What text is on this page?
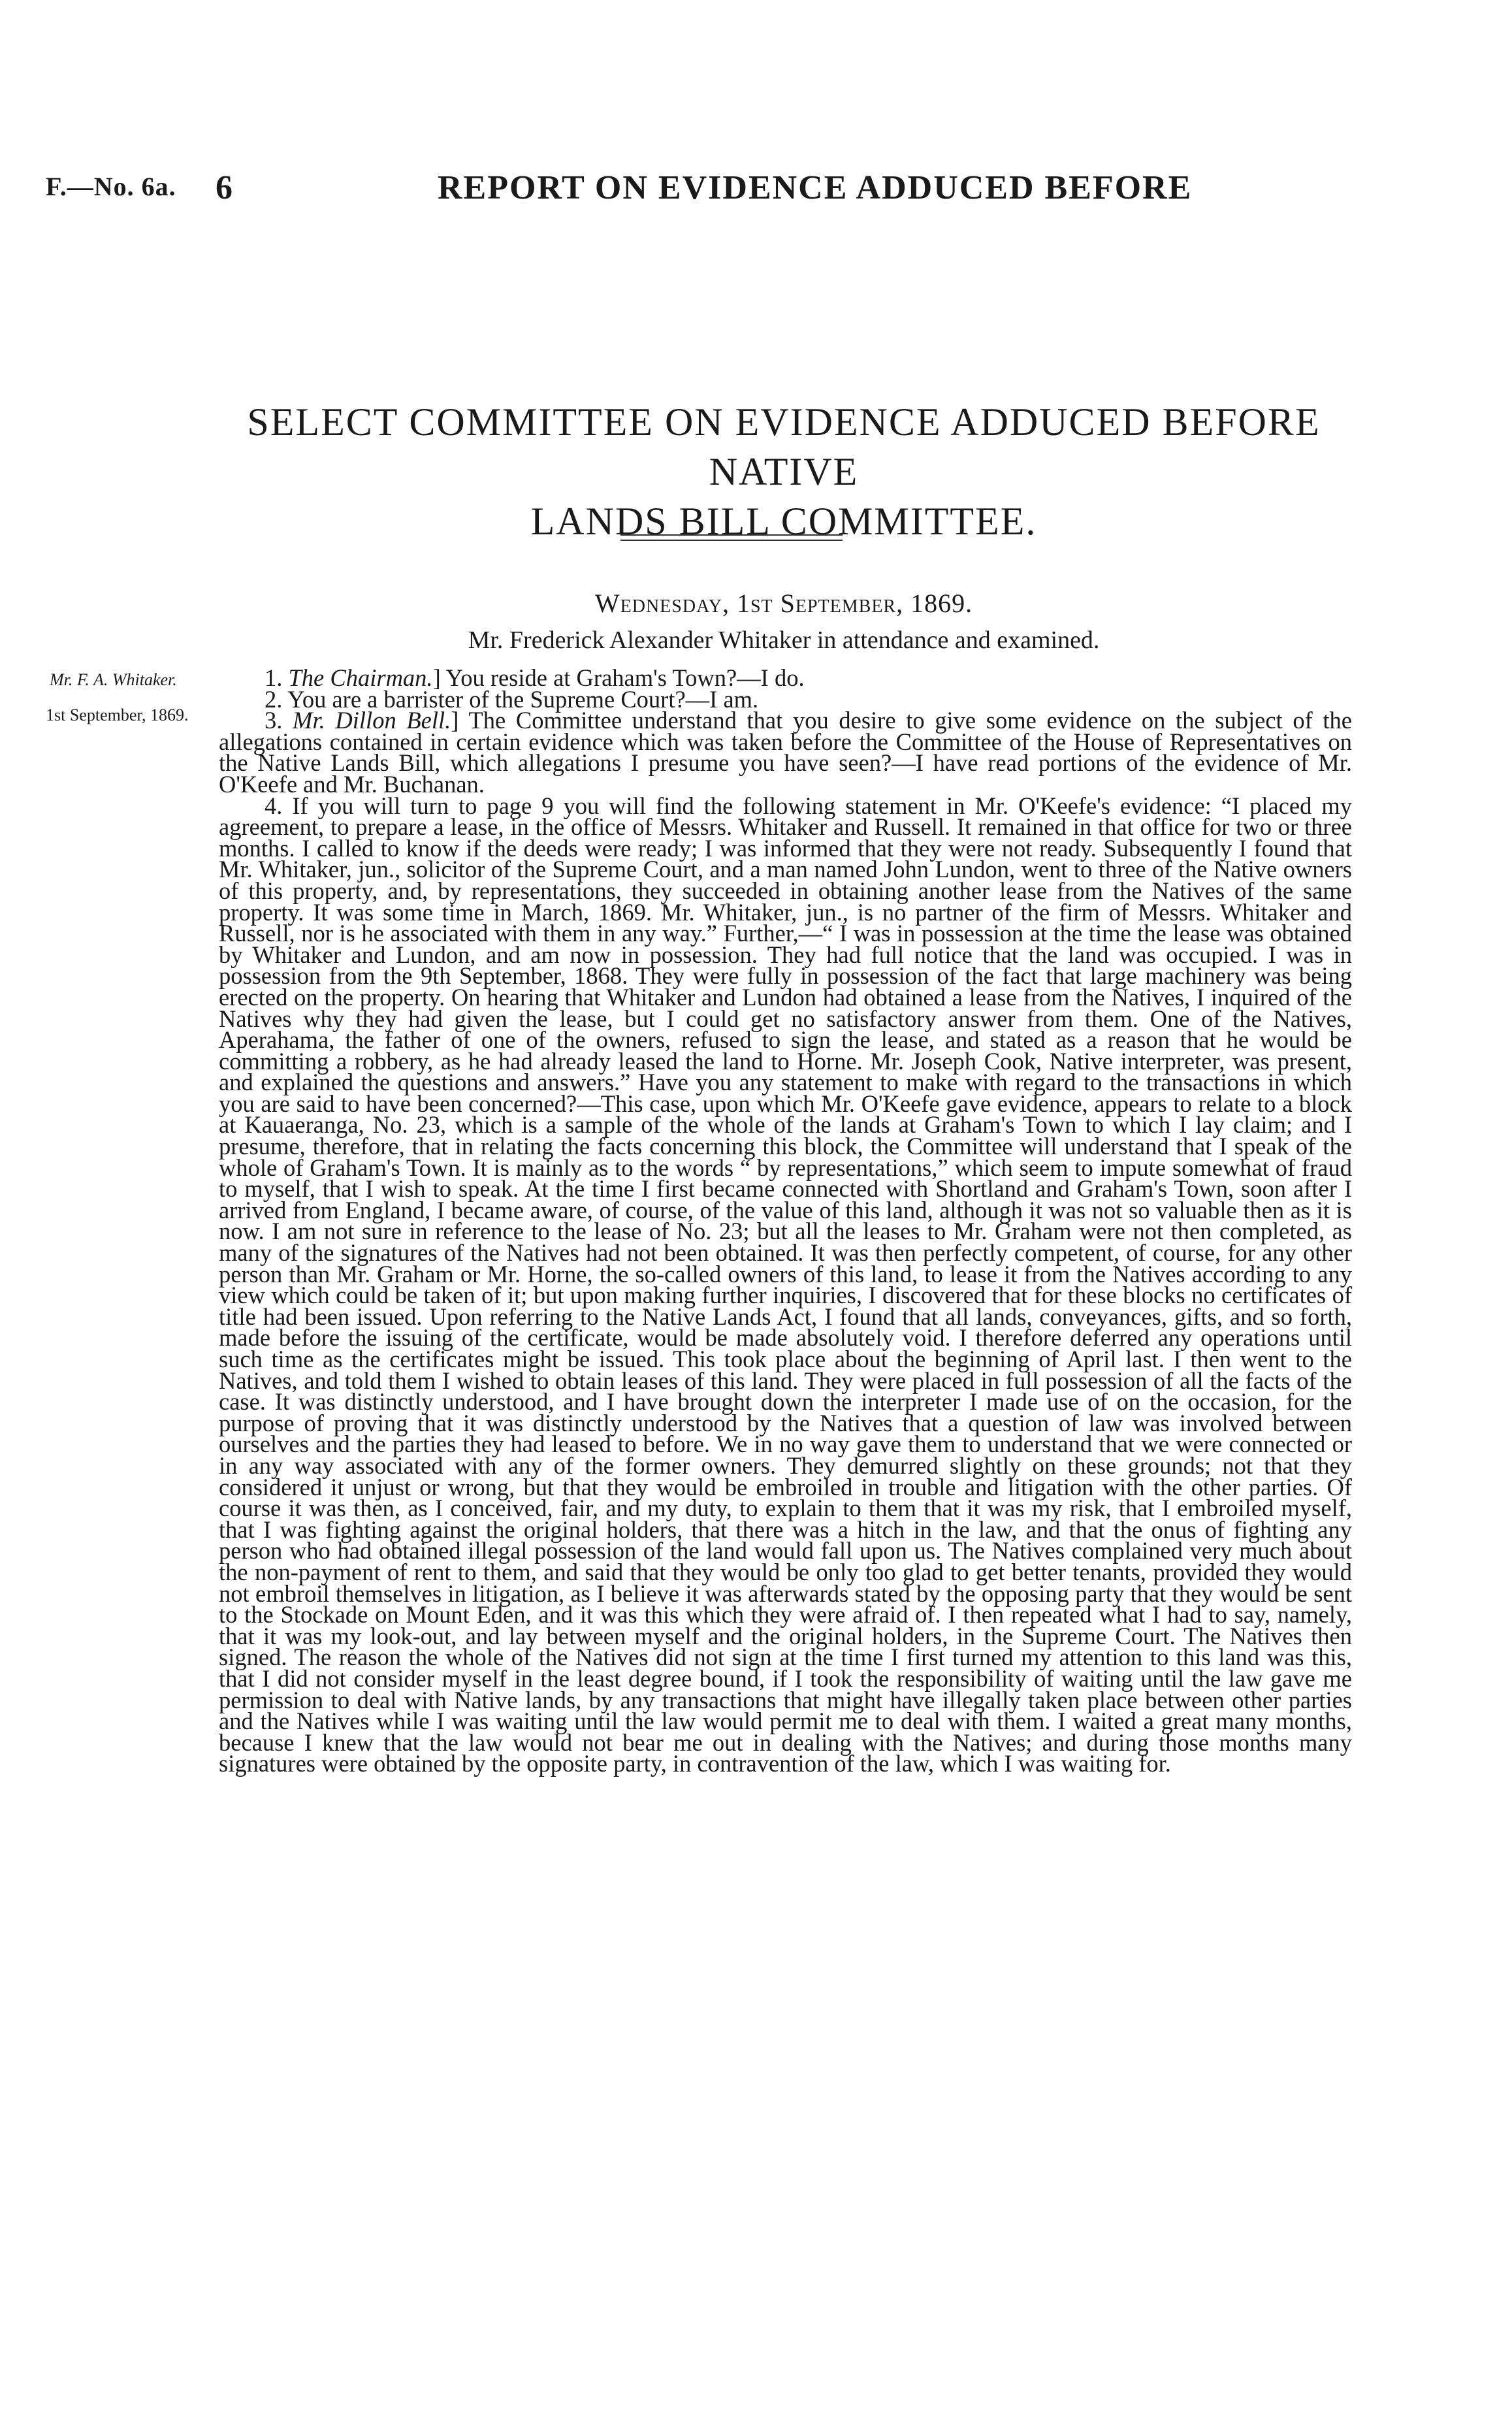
F.—No. 6a. 6	REPORT ON EVIDENCE ADDUCED BEFORE
SELECT COMMITTEE ON EVIDENCE ADDUCED BEFORE NATIVE
LANDS BILL COMMITTEE.
Wednesday, 1st September, 1869.
Mr. Frederick Alexander Whitaker in attendance and examined.
Mr. F. A. Whitaker.
1st September, 1869.

1. The Chairman.] You reside at Graham's Town?—I do.

2. You are a barrister of the Supreme Court?—I am.

3. Mr. Dillon Bell.] The Committee understand that you desire to give some evidence on the subject of the allegations contained in certain evidence which was taken before the Committee of the House of Representatives on the Native Lands Bill, which allegations I presume you have seen?—I have read portions of the evidence of Mr. O'Keefe and Mr. Buchanan.

4. If you will turn to page 9 you will find the following statement in Mr. O'Keefe's evidence: “I placed my agreement, to prepare a lease, in the office of Messrs. Whitaker and Russell. It remained in that office for two or three months. I called to know if the deeds were ready; I was informed that they were not ready. Subsequently I found that Mr. Whitaker, jun., solicitor of the Supreme Court, and a man named John Lundon, went to three of the Native owners of this property, and, by representations, they succeeded in obtaining another lease from the Natives of the same property. It was some time in March, 1869. Mr. Whitaker, jun., is no partner of the firm of Messrs. Whitaker and Russell, nor is he associated with them in any way.” Further,—“ I was in possession at the time the lease was obtained by Whitaker and Lundon, and am now in possession. They had full notice that the land was occupied. I was in possession from the 9th September, 1868. They were fully in possession of the fact that large machinery was being erected on the property. On hearing that Whitaker and Lundon had obtained a lease from the Natives, I inquired of the Natives why they had given the lease, but I could get no satisfactory answer from them. One of the Natives, Aperahama, the father of one of the owners, refused to sign the lease, and stated as a reason that he would be committing a robbery, as he had already leased the land to Horne. Mr. Joseph Cook, Native interpreter, was present, and explained the questions and answers.” Have you any statement to make with regard to the transactions in which you are said to have been concerned?—This case, upon which Mr. O'Keefe gave evidence, appears to relate to a block at Kauaeranga, No. 23, which is a sample of the whole of the lands at Graham's Town to which I lay claim; and I presume, therefore, that in relating the facts concerning this block, the Committee will understand that I speak of the whole of Graham's Town. It is mainly as to the words “ by representations,” which seem to impute somewhat of fraud to myself, that I wish to speak. At the time I first became connected with Shortland and Graham's Town, soon after I arrived from England, I became aware, of course, of the value of this land, although it was not so valuable then as it is now. I am not sure in reference to the lease of No. 23; but all the leases to Mr. Graham were not then completed, as many of the signatures of the Natives had not been obtained. It was then perfectly competent, of course, for any other person than Mr. Graham or Mr. Horne, the so-called owners of this land, to lease it from the Natives according to any view which could be taken of it; but upon making further inquiries, I discovered that for these blocks no certificates of title had been issued. Upon referring to the Native Lands Act, I found that all lands, conveyances, gifts, and so forth, made before the issuing of the certificate, would be made absolutely void. I therefore deferred any operations until such time as the certificates might be issued. This took place about the beginning of April last. I then went to the Natives, and told them I wished to obtain leases of this land. They were placed in full possession of all the facts of the case. It was distinctly understood, and I have brought down the interpreter I made use of on the occasion, for the purpose of proving that it was distinctly understood by the Natives that a question of law was involved between ourselves and the parties they had leased to before. We in no way gave them to understand that we were connected or in any way associated with any of the former owners. They demurred slightly on these grounds; not that they considered it unjust or wrong, but that they would be embroiled in trouble and litigation with the other parties. Of course it was then, as I conceived, fair, and my duty, to explain to them that it was my risk, that I embroiled myself, that I was fighting against the original holders, that there was a hitch in the law, and that the onus of fighting any person who had obtained illegal possession of the land would fall upon us. The Natives complained very much about the non-payment of rent to them, and said that they would be only too glad to get better tenants, provided they would not embroil themselves in litigation, as I believe it was afterwards stated by the opposing party that they would be sent to the Stockade on Mount Eden, and it was this which they were afraid of. I then repeated what I had to say, namely, that it was my look-out, and lay between myself and the original holders, in the Supreme Court. The Natives then signed. The reason the whole of the Natives did not sign at the time I first turned my attention to this land was this, that I did not consider myself in the least degree bound, if I took the responsibility of waiting until the law gave me permission to deal with Native lands, by any transactions that might have illegally taken place between other parties and the Natives while I was waiting until the law would permit me to deal with them. I waited a great many months, because I knew that the law would not bear me out in dealing with the Natives; and during those months many signatures were obtained by the opposite party, in contravention of the law, which I was waiting for.
